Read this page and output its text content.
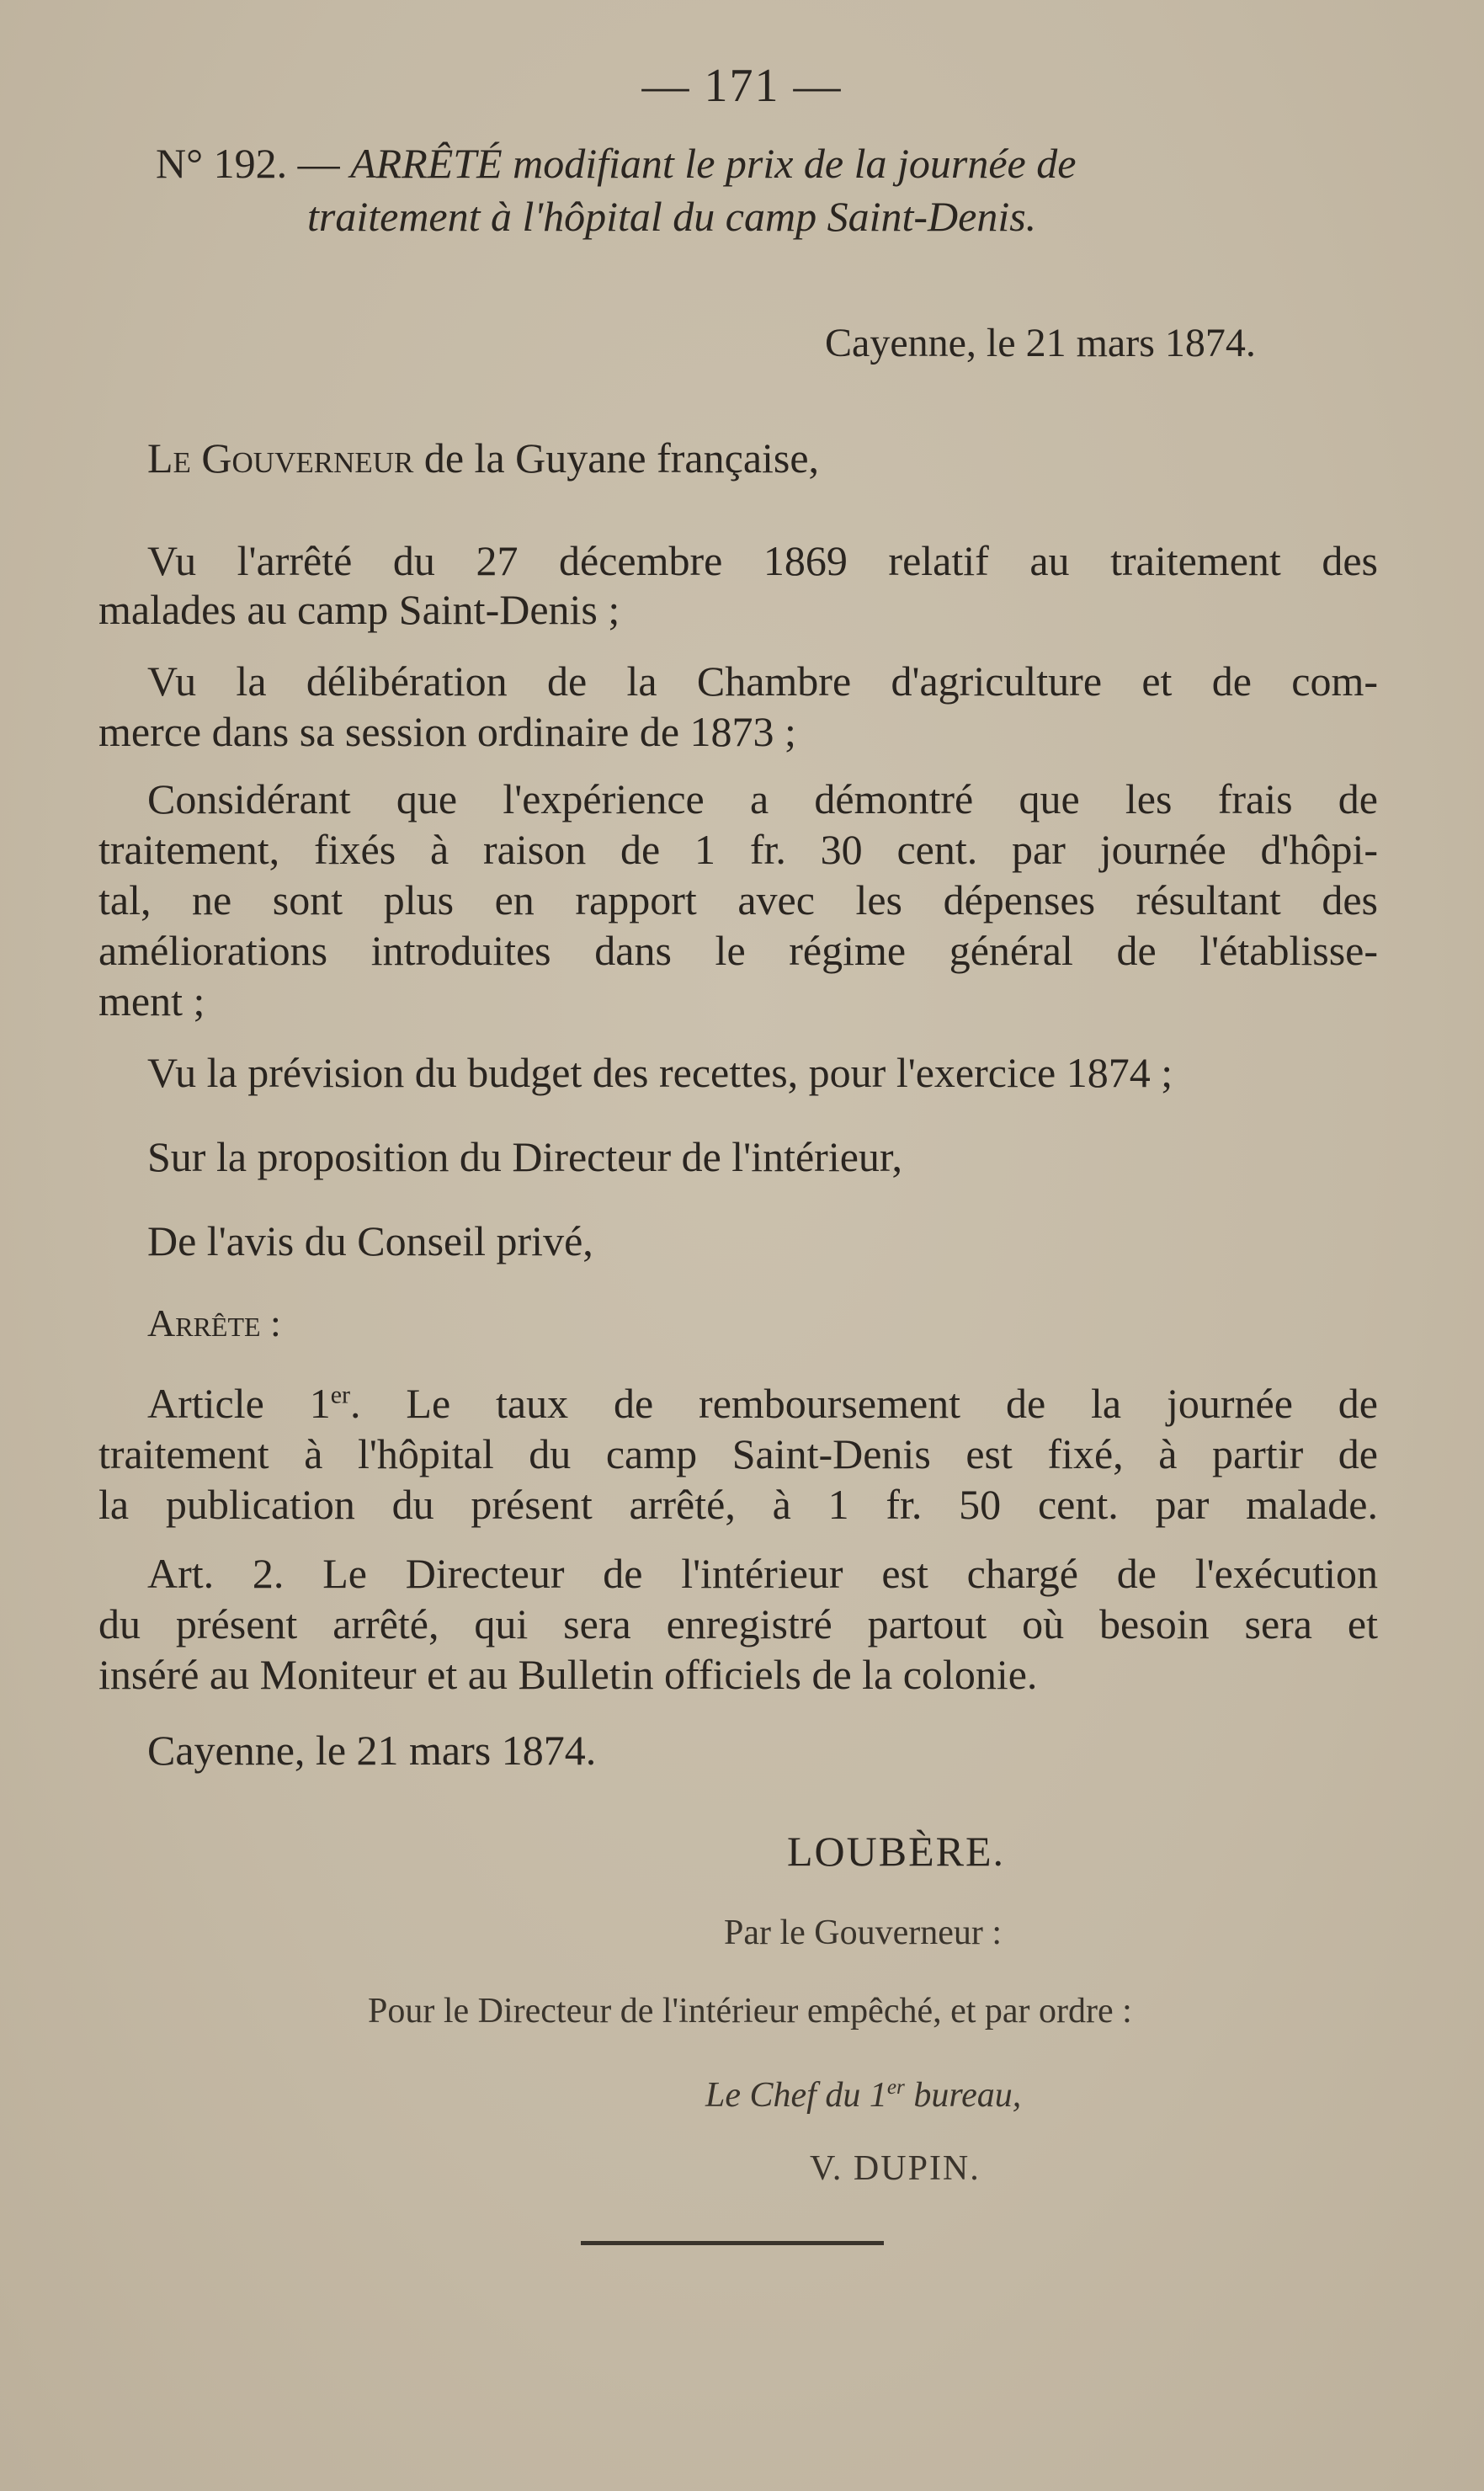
— 171 —
N° 192. — ARRÊTÉ modifiant le prix de la journée de
traitement à l'hôpital du camp Saint-Denis.
Cayenne, le 21 mars 1874.
Le Gouverneur de la Guyane française,
Vu l'arrêté du 27 décembre 1869 relatif au traitement des
malades au camp Saint-Denis ;
Vu la délibération de la Chambre d'agriculture et de com-
merce dans sa session ordinaire de 1873 ;
Considérant que l'expérience a démontré que les frais de
traitement, fixés à raison de 1 fr. 30 cent. par journée d'hôpi-
tal, ne sont plus en rapport avec les dépenses résultant des
améliorations introduites dans le régime général de l'établisse-
ment ;
Vu la prévision du budget des recettes, pour l'exercice 1874 ;
Sur la proposition du Directeur de l'intérieur,
De l'avis du Conseil privé,
Arrête :
Article 1er. Le taux de remboursement de la journée de
traitement à l'hôpital du camp Saint-Denis est fixé, à partir de
la publication du présent arrêté, à 1 fr. 50 cent. par malade.
Art. 2. Le Directeur de l'intérieur est chargé de l'exécution
du présent arrêté, qui sera enregistré partout où besoin sera et
inséré au Moniteur et au Bulletin officiels de la colonie.
Cayenne, le 21 mars 1874.
LOUBÈRE.
Par le Gouverneur :
Pour le Directeur de l'intérieur empêché, et par ordre :
Le Chef du 1er bureau,
V. DUPIN.
